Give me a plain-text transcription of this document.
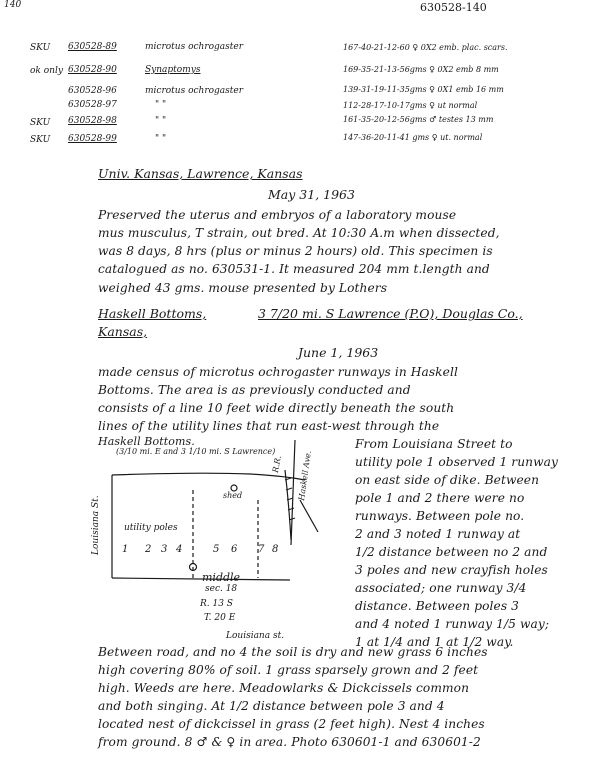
140	630528-140
SKU 630528-89	microtus ochrogaster	167-40-21-12-60 ♀ 0X2 emb. plac. scars.
ok only 630528-90	Synaptomys	169-35-21-13-56gms ♀ 0X2 emb 8 mm
630528-96	microtus ochrogaster	139-31-19-11-35gms ♀ 0X1 emb 16 mm
630528-97	" "	112-28-17-10-17gms ♀ ut normal
SKU 630528-98	" "	161-35-20-12-56gms ♂ testes 13 mm
SKU 630528-99	" "	147-36-20-11-41 gms ♀ ut. normal
Univ. Kansas, Lawrence, Kansas
May 31, 1963
Preserved the uterus and embryos of a laboratory mouse
mus musculus, T strain, out bred. At 10:30 A.m when dissected,
was 8 days, 8 hrs (plus or minus 2 hours) old. This specimen is
catalogued as no. 630531-1. It measured 204 mm t.length and
weighed 43 gms. mouse presented by Lothers
Haskell Bottoms,	3 7/20 mi. S Lawrence (P.O), Douglas Co.,
Kansas,
June 1, 1963
made census of microtus ochrogaster runways in Haskell
Bottoms. The area is as previously conducted and
consists of a line 10 feet wide directly beneath the south
lines of the utility lines that run east-west through the
Haskell Bottoms.	From Louisiana Street to
utility pole 1 observed 1 runway
on east side of dike. Between
pole 1 and 2 there were no
runways. Between pole no.
2 and 3 noted 1 runway at
1/2 distance between no 2 and
3 poles and new crayfish holes
associated; one runway 3/4
distance. Between poles 3
and 4 noted 1 runway 1/5 way;
1 at 1/4 and 1 at 1/2 way.
(3/10 mi. E and 3 1/10 mi. S Lawrence)
Louisiana St.	utility poles
shed
R.R. Haskell Ave.
1 2 3 4	5 6 7 8
middle
sec. 18
R. 13 S
T. 20 E
Louisiana st.
Between road, and no 4 the soil is dry and new grass 6 inches
high covering 80% of soil. 1 grass sparsely grown and 2 feet
high. Weeds are here. Meadowlarks & Dickcissels common
and both singing. At 1/2 distance between pole 3 and 4
located nest of dickcissel in grass (2 feet high). Nest 4 inches
from ground. 8 ♂ & ♀ in area. Photo 630601-1 and 630601-2
